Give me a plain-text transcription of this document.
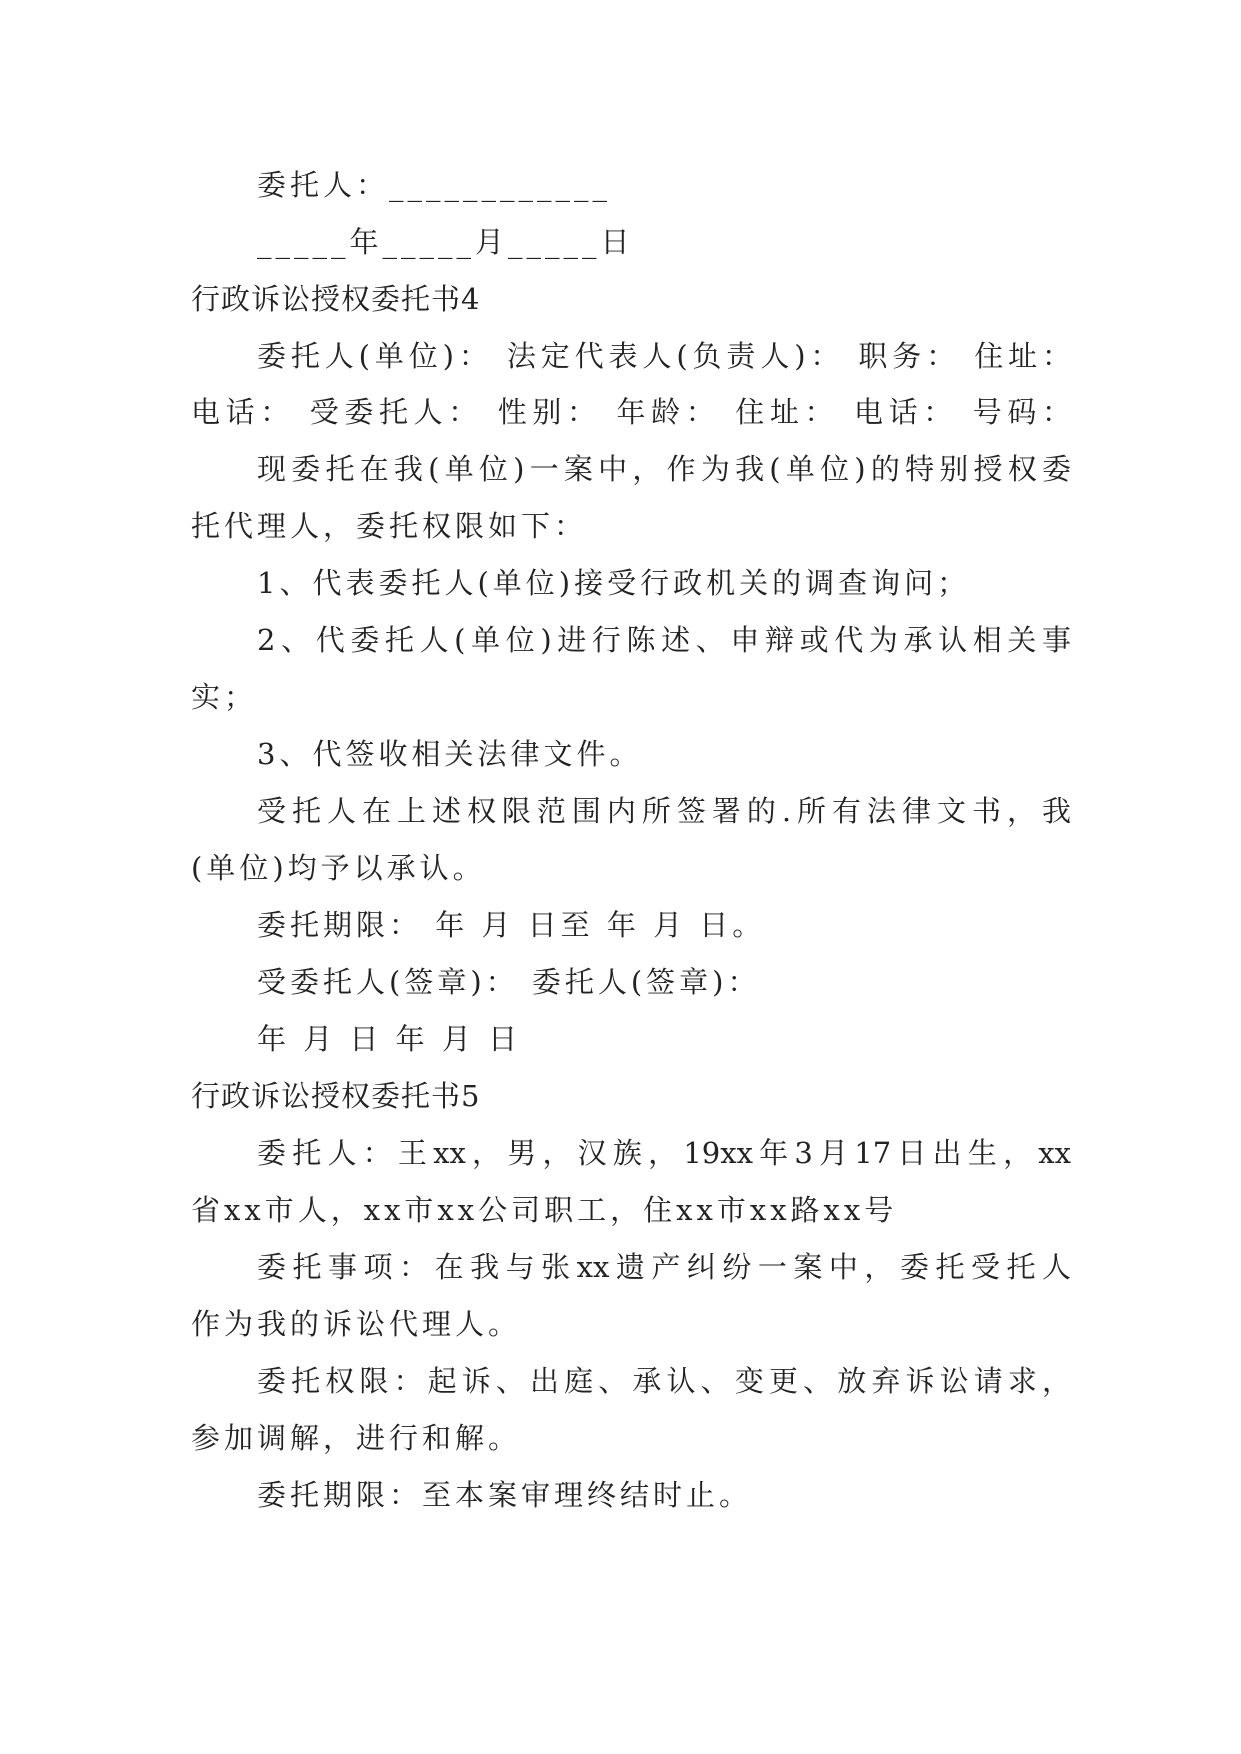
委托人：____________
_____年_____月_____日
行政诉讼授权委托书4
委托人(单位)： 法定代表人(负责人)： 职务： 住址：
电话： 受委托人： 性别： 年龄： 住址： 电话： 号码：
现委托在我(单位)一案中，作为我(单位)的特别授权委
托代理人，委托权限如下：
1、代表委托人(单位)接受行政机关的调查询问；
2、代委托人(单位)进行陈述、申辩或代为承认相关事
实；
3、代签收相关法律文件。
受托人在上述权限范围内所签署的.所有法律文书，我
(单位)均予以承认。
委托期限： 年 月 日至 年 月 日。
受委托人(签章)： 委托人(签章)：
年 月 日 年 月 日
行政诉讼授权委托书5
委托人：王xx，男，汉族，19xx年3月17日出生，xx
省xx市人，xx市xx公司职工，住xx市xx路xx号
委托事项：在我与张xx遗产纠纷一案中，委托受托人
作为我的诉讼代理人。
委托权限：起诉、出庭、承认、变更、放弃诉讼请求，
参加调解，进行和解。
委托期限：至本案审理终结时止。
